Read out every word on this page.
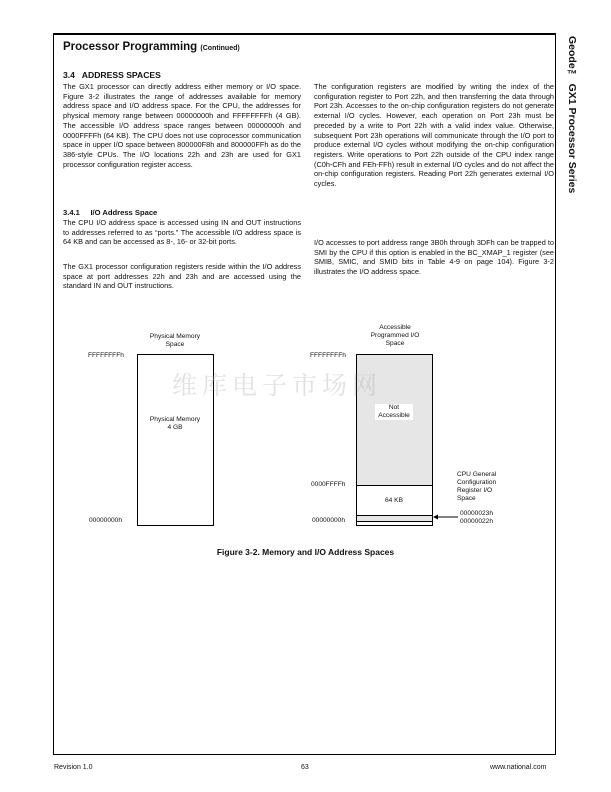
Processor Programming (Continued)	Geode™ GX1 Processor Series
3.4   ADDRESS SPACES
The GX1 processor can directly address either memory or I/O space. Figure 3-2 illustrates the range of addresses available for memory address space and I/O address space. For the CPU, the addresses for physical memory range between 00000000h and FFFFFFFFh (4 GB). The accessible I/O address space ranges between 00000000h and 0000FFFFh (64 KB). The CPU does not use coprocessor communication space in upper I/O space between 800000F8h and 800000FFh as do the 386-style CPUs. The I/O locations 22h and 23h are used for GX1 processor configuration register access.
3.4.1     I/O Address Space
The CPU I/O address space is accessed using IN and OUT instructions to addresses referred to as “ports.” The accessible I/O address space is 64 KB and can be accessed as 8-, 16- or 32-bit ports.
The GX1 processor configuration registers reside within the I/O address space at port addresses 22h and 23h and are accessed using the standard IN and OUT instructions.
The configuration registers are modified by writing the index of the configuration register to Port 22h, and then transferring the data through Port 23h. Accesses to the on-chip configuration registers do not generate external I/O cycles. However, each operation on Port 23h must be preceded by a write to Port 22h with a valid index value. Otherwise, subsequent Port 23h operations will communicate through the I/O port to produce external I/O cycles without modifying the on-chip configuration registers. Write operations to Port 22h outside of the CPU index range (C0h-CFh and FEh-FFh) result in external I/O cycles and do not affect the on-chip configuration registers. Reading Port 22h generates external I/O cycles.
I/O accesses to port address range 3B0h through 3DFh can be trapped to SMI by the CPU if this option is enabled in the BC_XMAP_1 register (see SMIB, SMIC, and SMID bits in Table 4-9 on page 104). Figure 3-2 illustrates the I/O address space.
Physical Memory Space
Physical Memory
4 GB
FFFFFFFFh
00000000h
Accessible Programmed I/O Space
Not Accessible
64 KB
FFFFFFFFh
0000FFFFh
00000000h
CPU General Configuration Register I/O Space
00000023h
00000022h
维库电子市场网
Figure 3-2. Memory and I/O Address Spaces
Revision 1.0	63	www.national.com
